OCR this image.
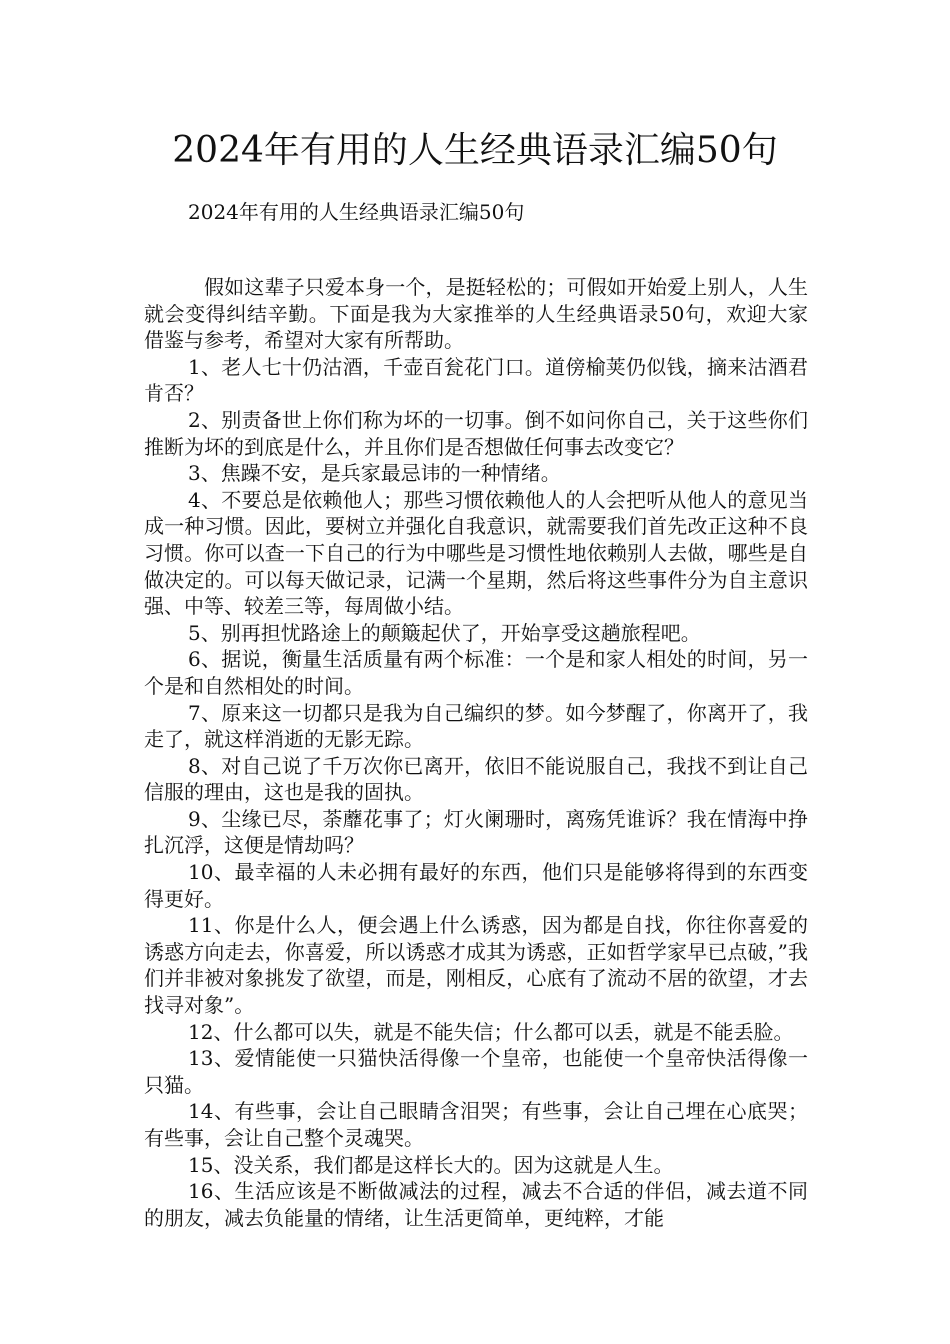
2024年有用的人生经典语录汇编50句
2024年有用的人生经典语录汇编50句

假如这辈子只爱本身一个，是挺轻松的；可假如开始爱上别人，人生就会变得纠结辛勤。下面是我为大家推举的人生经典语录50句，欢迎大家借鉴与参考，希望对大家有所帮助。

1、老人七十仍沽酒，千壶百瓮花门口。道傍榆荚仍似钱，摘来沽酒君肯否？

2、别责备世上你们称为坏的一切事。倒不如问你自己，关于这些你们推断为坏的到底是什么，并且你们是否想做任何事去改变它？

3、焦躁不安，是兵家最忌讳的一种情绪。

4、不要总是依赖他人；那些习惯依赖他人的人会把听从他人的意见当成一种习惯。因此，要树立并强化自我意识，就需要我们首先改正这种不良习惯。你可以查一下自己的行为中哪些是习惯性地依赖别人去做，哪些是自做决定的。可以每天做记录，记满一个星期，然后将这些事件分为自主意识强、中等、较差三等，每周做小结。

5、别再担忧路途上的颠簸起伏了，开始享受这趟旅程吧。

6、据说，衡量生活质量有两个标准：一个是和家人相处的时间，另一个是和自然相处的时间。

7、原来这一切都只是我为自己编织的梦。如今梦醒了，你离开了，我走了，就这样消逝的无影无踪。

8、对自己说了千万次你已离开，依旧不能说服自己，我找不到让自己信服的理由，这也是我的固执。

9、尘缘已尽，荼蘼花事了；灯火阑珊时，离殇凭谁诉？我在情海中挣扎沉浮，这便是情劫吗？

10、最幸福的人未必拥有最好的东西，他们只是能够将得到的东西变得更好。

11、你是什么人，便会遇上什么诱惑，因为都是自找，你往你喜爱的诱惑方向走去，你喜爱，所以诱惑才成其为诱惑，正如哲学家早已点破，”我们并非被对象挑发了欲望，而是，刚相反，心底有了流动不居的欲望，才去找寻对象”。

12、什么都可以失，就是不能失信；什么都可以丢，就是不能丢脸。

13、爱情能使一只猫快活得像一个皇帝，也能使一个皇帝快活得像一只猫。

14、有些事，会让自己眼睛含泪哭；有些事，会让自己埋在心底哭；有些事，会让自己整个灵魂哭。

15、没关系，我们都是这样长大的。因为这就是人生。

16、生活应该是不断做减法的过程，减去不合适的伴侣，减去道不同的朋友，减去负能量的情绪，让生活更简单，更纯粹，才能
